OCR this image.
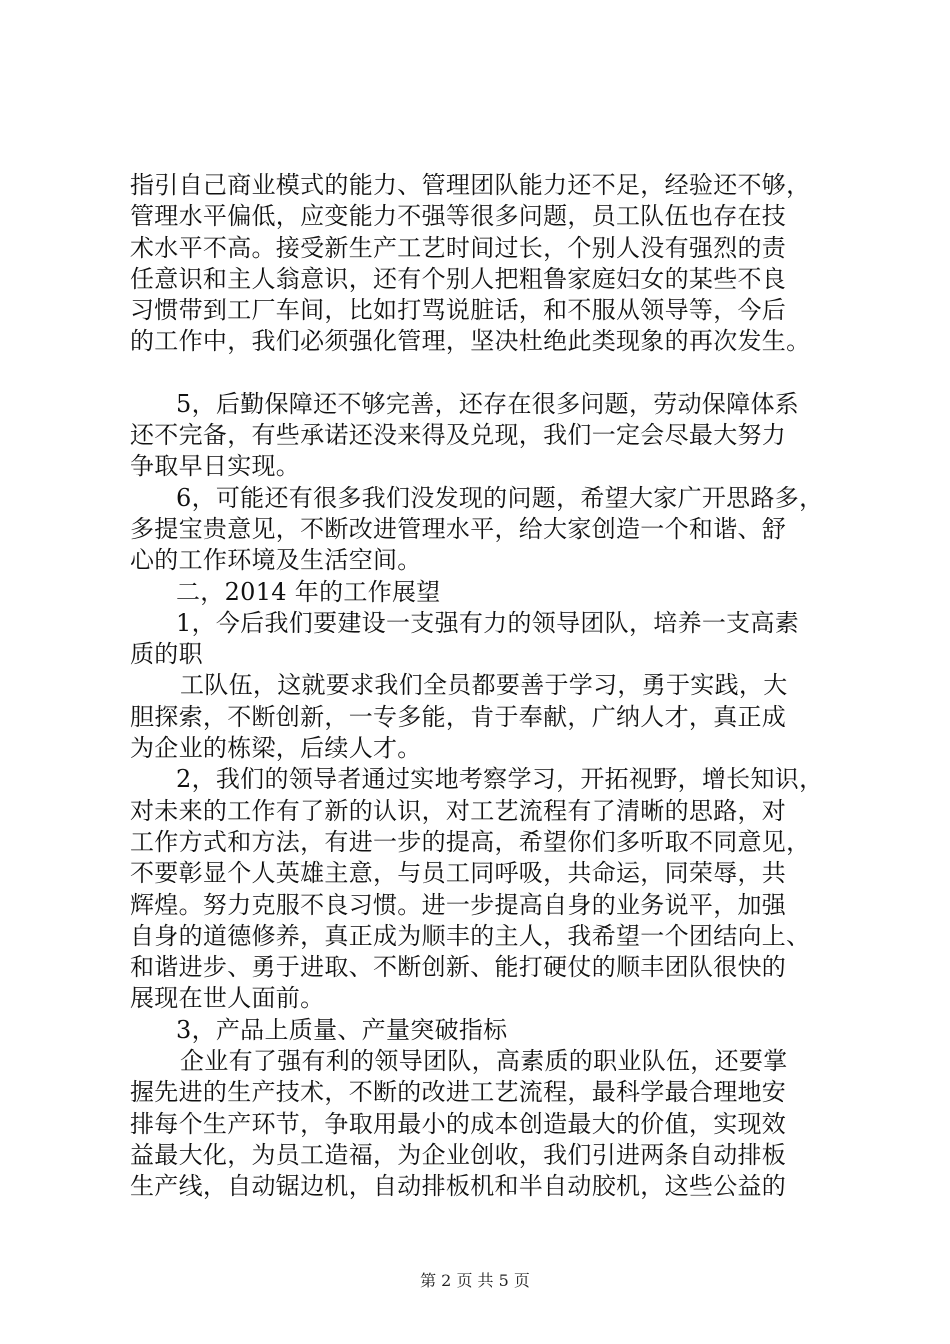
指引自己商业模式的能力、管理团队能力还不足，经验还不够，
管理水平偏低，应变能力不强等很多问题，员工队伍也存在技
术水平不高。接受新生产工艺时间过长，个别人没有强烈的责
任意识和主人翁意识，还有个别人把粗鲁家庭妇女的某些不良
习惯带到工厂车间，比如打骂说脏话，和不服从领导等，今后
的工作中，我们必须强化管理，坚决杜绝此类现象的再次发生。
5，后勤保障还不够完善，还存在很多问题，劳动保障体系
还不完备，有些承诺还没来得及兑现，我们一定会尽最大努力
争取早日实现。
6，可能还有很多我们没发现的问题，希望大家广开思路多，
多提宝贵意见，不断改进管理水平，给大家创造一个和谐、舒
心的工作环境及生活空间。
二，2014 年的工作展望
1，今后我们要建设一支强有力的领导团队，培养一支高素
质的职
工队伍，这就要求我们全员都要善于学习，勇于实践，大
胆探索，不断创新，一专多能，肯于奉献，广纳人才，真正成
为企业的栋梁，后续人才。
2，我们的领导者通过实地考察学习，开拓视野，增长知识，
对未来的工作有了新的认识，对工艺流程有了清晰的思路，对
工作方式和方法，有进一步的提高，希望你们多听取不同意见，
不要彰显个人英雄主意，与员工同呼吸，共命运，同荣辱，共
辉煌。努力克服不良习惯。进一步提高自身的业务说平，加强
自身的道德修养，真正成为顺丰的主人，我希望一个团结向上、
和谐进步、勇于进取、不断创新、能打硬仗的顺丰团队很快的
展现在世人面前。
3，产品上质量、产量突破指标
企业有了强有利的领导团队，高素质的职业队伍，还要掌
握先进的生产技术，不断的改进工艺流程，最科学最合理地安
排每个生产环节，争取用最小的成本创造最大的价值，实现效
益最大化，为员工造福，为企业创收，我们引进两条自动排板
生产线，自动锯边机，自动排板机和半自动胶机，这些公益的
第 2 页 共 5 页
